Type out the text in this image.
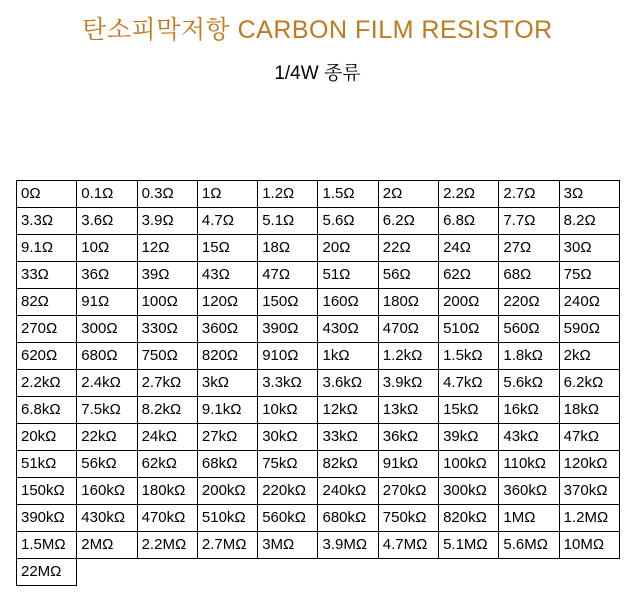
탄소피막저항 CARBON FILM RESISTOR
1/4W 종류
0Ω	0.1Ω	0.3Ω	1Ω	1.2Ω	1.5Ω	2Ω	2.2Ω	2.7Ω	3Ω
3.3Ω	3.6Ω	3.9Ω	4.7Ω	5.1Ω	5.6Ω	6.2Ω	6.8Ω	7.7Ω	8.2Ω
9.1Ω	10Ω	12Ω	15Ω	18Ω	20Ω	22Ω	24Ω	27Ω	30Ω
33Ω	36Ω	39Ω	43Ω	47Ω	51Ω	56Ω	62Ω	68Ω	75Ω
82Ω	91Ω	100Ω	120Ω	150Ω	160Ω	180Ω	200Ω	220Ω	240Ω
270Ω	300Ω	330Ω	360Ω	390Ω	430Ω	470Ω	510Ω	560Ω	590Ω
620Ω	680Ω	750Ω	820Ω	910Ω	1kΩ	1.2kΩ	1.5kΩ	1.8kΩ	2kΩ
2.2kΩ	2.4kΩ	2.7kΩ	3kΩ	3.3kΩ	3.6kΩ	3.9kΩ	4.7kΩ	5.6kΩ	6.2kΩ
6.8kΩ	7.5kΩ	8.2kΩ	9.1kΩ	10kΩ	12kΩ	13kΩ	15kΩ	16kΩ	18kΩ
20kΩ	22kΩ	24kΩ	27kΩ	30kΩ	33kΩ	36kΩ	39kΩ	43kΩ	47kΩ
51kΩ	56kΩ	62kΩ	68kΩ	75kΩ	82kΩ	91kΩ	100kΩ	110kΩ	120kΩ
150kΩ	160kΩ	180kΩ	200kΩ	220kΩ	240kΩ	270kΩ	300kΩ	360kΩ	370kΩ
390kΩ	430kΩ	470kΩ	510kΩ	560kΩ	680kΩ	750kΩ	820kΩ	1MΩ	1.2MΩ
1.5MΩ	2MΩ	2.2MΩ	2.7MΩ	3MΩ	3.9MΩ	4.7MΩ	5.1MΩ	5.6MΩ	10MΩ
22MΩ									
